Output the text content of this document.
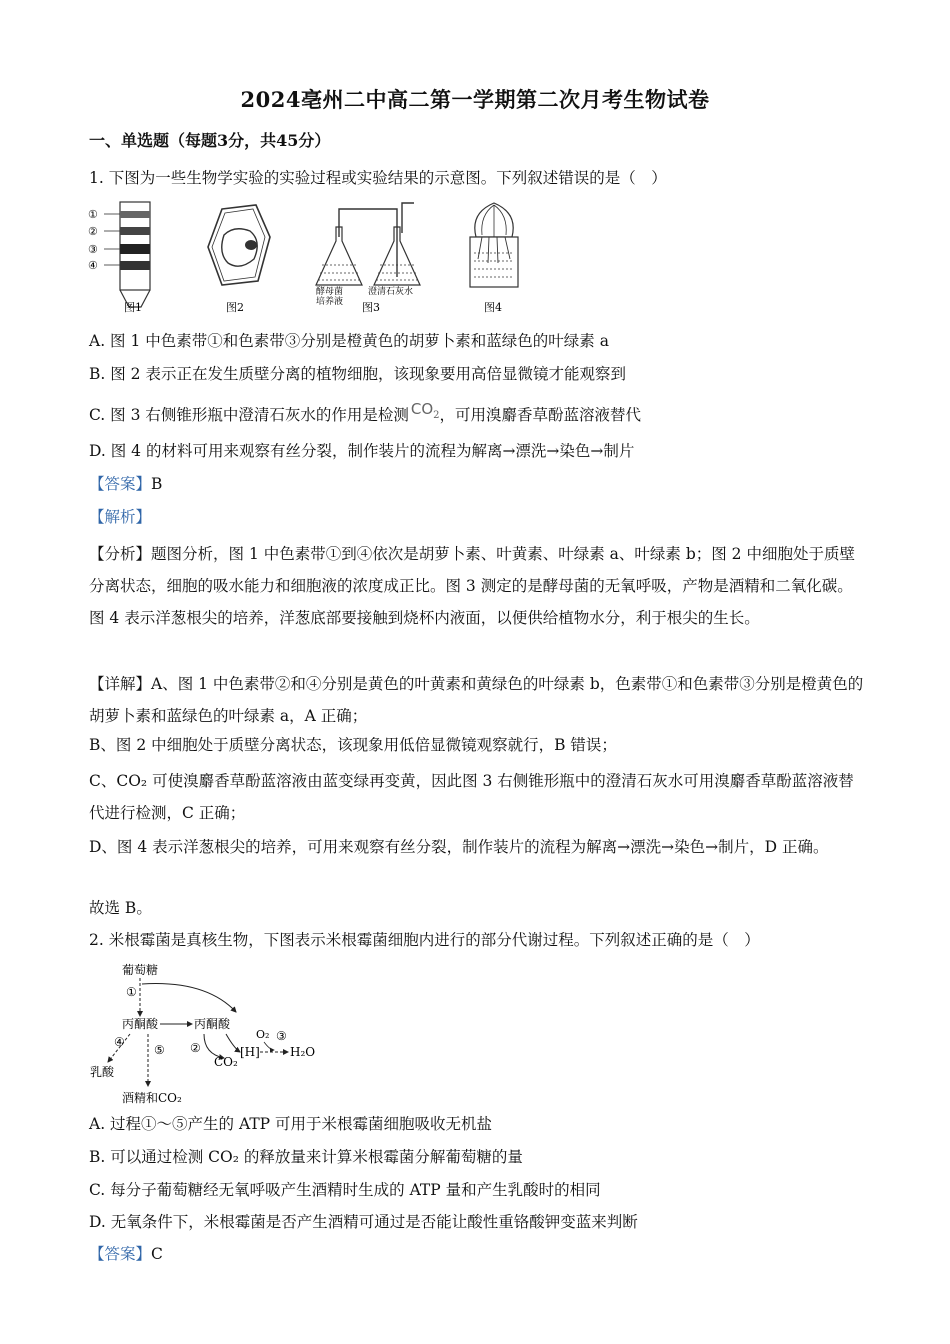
2024亳州二中高二第一学期第二次月考生物试卷
一、单选题（每题3分，共45分）
1. 下图为一些生物学实验的实验过程或实验结果的示意图。下列叙述错误的是（　）
①
②
③
④
图1	图2
酵母菌
培养液
澄清石灰水
图3	图4
A. 图 1 中色素带①和色素带③分别是橙黄色的胡萝卜素和蓝绿色的叶绿素 a
B. 图 2 表示正在发生质壁分离的植物细胞，该现象要用高倍显微镜才能观察到
C. 图 3 右侧锥形瓶中澄清石灰水的作用是检测 CO2，可用溴麝香草酚蓝溶液替代
D. 图 4 的材料可用来观察有丝分裂，制作装片的流程为解离→漂洗→染色→制片
【答案】B
【解析】
【分析】题图分析，图 1 中色素带①到④依次是胡萝卜素、叶黄素、叶绿素 a、叶绿素 b；图 2 中细胞处于质壁分离状态，细胞的吸水能力和细胞液的浓度成正比。图 3 测定的是酵母菌的无氧呼吸，产物是酒精和二氧化碳。图 4 表示洋葱根尖的培养，洋葱底部要接触到烧杯内液面，以便供给植物水分，利于根尖的生长。
【详解】A、图 1 中色素带②和④分别是黄色的叶黄素和黄绿色的叶绿素 b，色素带①和色素带③分别是橙黄色的胡萝卜素和蓝绿色的叶绿素 a，A 正确；
B、图 2 中细胞处于质壁分离状态，该现象用低倍显微镜观察就行，B 错误；
C、CO₂ 可使溴麝香草酚蓝溶液由蓝变绿再变黄，因此图 3 右侧锥形瓶中的澄清石灰水可用溴麝香草酚蓝溶液替代进行检测，C 正确；
D、图 4 表示洋葱根尖的培养，可用来观察有丝分裂，制作装片的流程为解离→漂洗→染色→制片，D 正确。
故选 B。
2. 米根霉菌是真核生物，下图表示米根霉菌细胞内进行的部分代谢过程。下列叙述正确的是（　）
葡萄糖
①
丙酮酸	丙酮酸
④
乳酸
⑤
酒精和CO₂
②
CO₂
[H]	H₂O
O₂ ③
A. 过程①～⑤产生的 ATP 可用于米根霉菌细胞吸收无机盐
B. 可以通过检测 CO₂ 的释放量来计算米根霉菌分解葡萄糖的量
C. 每分子葡萄糖经无氧呼吸产生酒精时生成的 ATP 量和产生乳酸时的相同
D. 无氧条件下，米根霉菌是否产生酒精可通过是否能让酸性重铬酸钾变蓝来判断
【答案】C
